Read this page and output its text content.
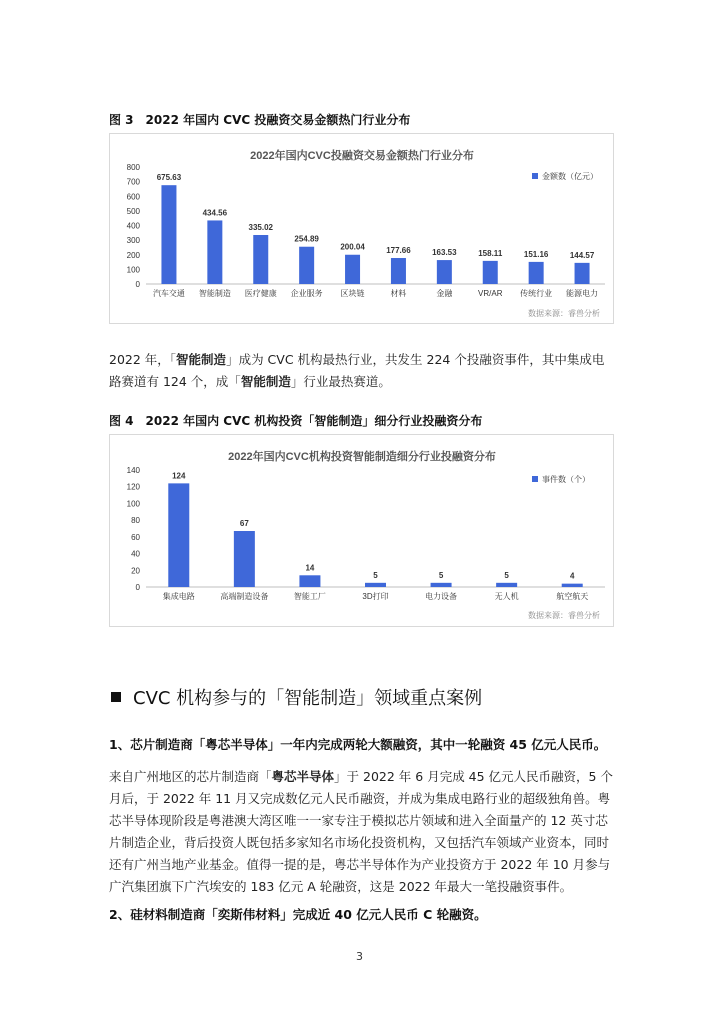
图 3　2022 年国内 CVC 投融资交易金额热门行业分布
2022年国内CVC投融资交易金额热门行业分布
0
100
200
300
400
500
600
700
800
675.63
汽车交通
434.56
智能制造
335.02
医疗健康
254.89
企业服务
200.04
区块链
177.66
材料
163.53
金融
158.11
VR/AR
151.16
传统行业
144.57
能源电力
金额数（亿元）
数据来源：睿兽分析

2022 年，「智能制造」成为 CVC 机构最热行业，共发生 224 个投融资事件，其中集成电

路赛道有 124 个，成「智能制造」行业最热赛道。

图 4　2022 年国内 CVC 机构投资「智能制造」细分行业投融资分布
2022年国内CVC机构投资智能制造细分行业投融资分布
0
20
40
60
80
100
120
140
124
集成电路
67
高端制造设备
14
智能工厂
5
3D打印
5
电力设备
5
无人机
4
航空航天
事件数（个）
数据来源：睿兽分析
CVC 机构参与的「智能制造」领域重点案例
1、芯片制造商「粤芯半导体」一年内完成两轮大额融资，其中一轮融资 45 亿元人民币。

来自广州地区的芯片制造商「粤芯半导体」于 2022 年 6 月完成 45 亿元人民币融资，5 个

月后，于 2022 年 11 月又完成数亿元人民币融资，并成为集成电路行业的超级独角兽。粤

芯半导体现阶段是粤港澳大湾区唯一一家专注于模拟芯片领域和进入全面量产的 12 英寸芯

片制造企业，背后投资人既包括多家知名市场化投资机构，又包括汽车领域产业资本，同时

还有广州当地产业基金。值得一提的是，粤芯半导体作为产业投资方于 2022 年 10 月参与

广汽集团旗下广汽埃安的 183 亿元 A 轮融资，这是 2022 年最大一笔投融资事件。

2、硅材料制造商「奕斯伟材料」完成近 40 亿元人民币 C 轮融资。
3
